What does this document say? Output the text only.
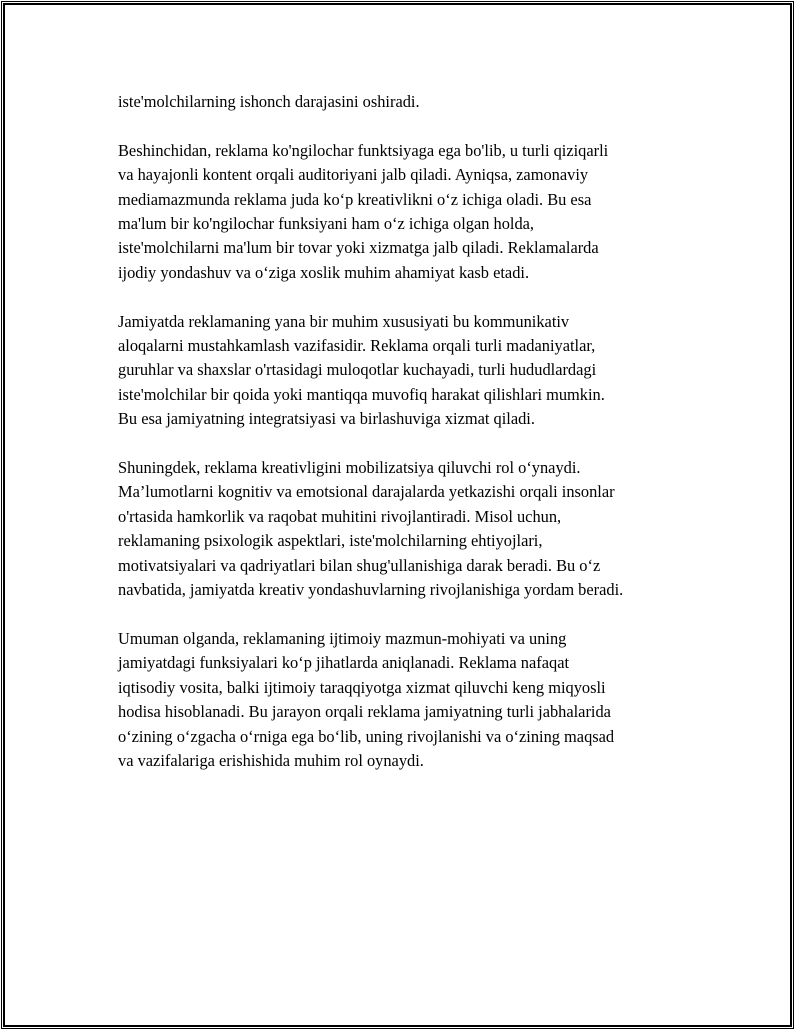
iste'molchilarning ishonch darajasini oshiradi.

Beshinchidan, reklama ko'ngilochar funktsiyaga ega bo'lib, u turli qiziqarli
va hayajonli kontent orqali auditoriyani jalb qiladi. Ayniqsa, zamonaviy
mediamazmunda reklama juda ko‘p kreativlikni o‘z ichiga oladi. Bu esa
ma'lum bir ko'ngilochar funksiyani ham o‘z ichiga olgan holda,
iste'molchilarni ma'lum bir tovar yoki xizmatga jalb qiladi. Reklamalarda
ijodiy yondashuv va o‘ziga xoslik muhim ahamiyat kasb etadi.

Jamiyatda reklamaning yana bir muhim xususiyati bu kommunikativ
aloqalarni mustahkamlash vazifasidir. Reklama orqali turli madaniyatlar,
guruhlar va shaxslar o'rtasidagi muloqotlar kuchayadi, turli hududlardagi
iste'molchilar bir qoida yoki mantiqqa muvofiq harakat qilishlari mumkin.
Bu esa jamiyatning integratsiyasi va birlashuviga xizmat qiladi.

Shuningdek, reklama kreativligini mobilizatsiya qiluvchi rol o‘ynaydi.
Ma’lumotlarni kognitiv va emotsional darajalarda yetkazishi orqali insonlar
o'rtasida hamkorlik va raqobat muhitini rivojlantiradi. Misol uchun,
reklamaning psixologik aspektlari, iste'molchilarning ehtiyojlari,
motivatsiyalari va qadriyatlari bilan shug'ullanishiga darak beradi. Bu o‘z
navbatida, jamiyatda kreativ yondashuvlarning rivojlanishiga yordam beradi.

Umuman olganda, reklamaning ijtimoiy mazmun-mohiyati va uning
jamiyatdagi funksiyalari ko‘p jihatlarda aniqlanadi. Reklama nafaqat
iqtisodiy vosita, balki ijtimoiy taraqqiyotga xizmat qiluvchi keng miqyosli
hodisa hisoblanadi. Bu jarayon orqali reklama jamiyatning turli jabhalarida
o‘zining o‘zgacha o‘rniga ega bo‘lib, uning rivojlanishi va o‘zining maqsad
va vazifalariga erishishida muhim rol oynaydi.
